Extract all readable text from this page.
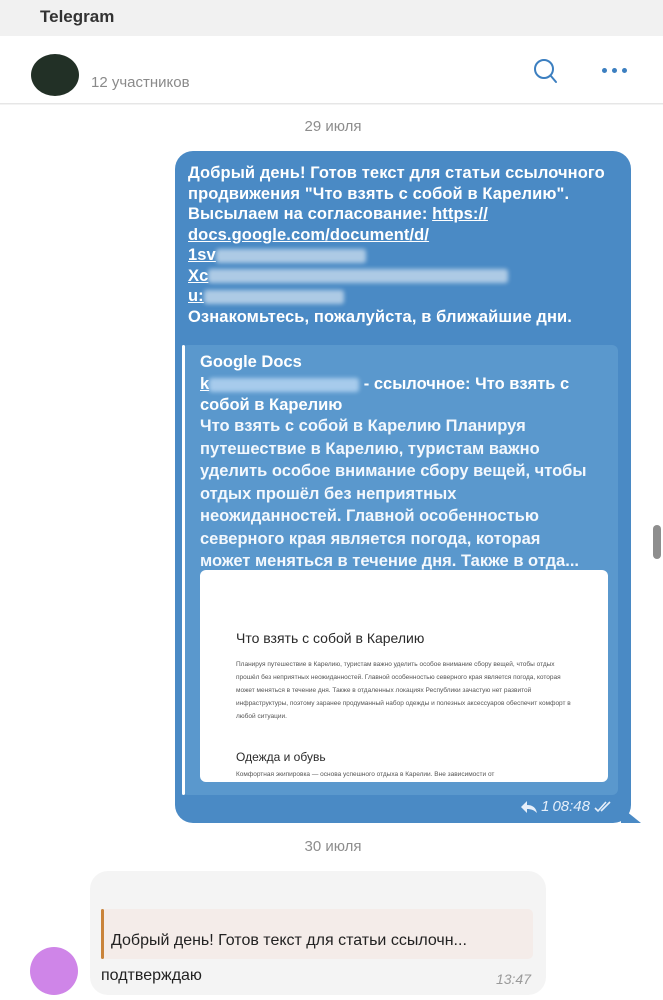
Telegram
12 участников
29 июля
Добрый день! Готов текст для статьи ссылочного
продвижения "Что взять с собой в Карелию".
Высылаем на согласование: https://
docs.google.com/document/d/
1sv
Xc
u:
Ознакомьтесь, пожалуйста, в ближайшие дни.
Google Docs
k	- ссылочное: Что взять с
собой в Карелию
Что взять с собой в Карелию Планируя
путешествие в Карелию, туристам важно
уделить особое внимание сбору вещей, чтобы
отдых прошёл без неприятных
неожиданностей. Главной особенностью
северного края является погода, которая
может меняться в течение дня. Также в отда...
Что взять с собой в Карелию
Планируя путешествие в Карелию, туристам важно уделить особое внимание сбору вещей, чтобы отдых прошёл без неприятных неожиданностей. Главной особенностью северного края является погода, которая может меняться в течение дня. Также в отдаленных локациях Республики зачастую нет развитой инфраструктуры, поэтому заранее продуманный набор одежды и полезных аксессуаров обеспечит комфорт в любой ситуации.
Одежда и обувь
Комфортная экипировка — основа успешного отдыха в Карелии. Вне зависимости от
1 08:48
30 июля
Добрый день! Готов текст для статьи ссылочн...
подтверждаю	13:47
